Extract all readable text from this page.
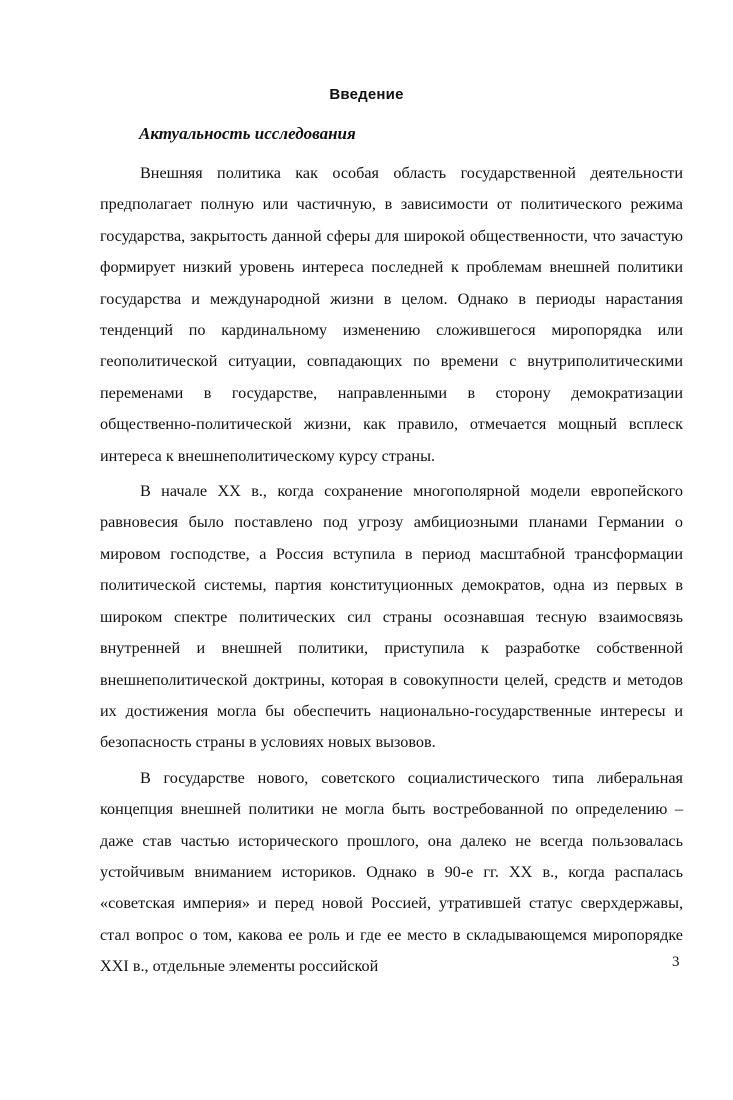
Введение
Актуальность исследования

Внешняя политика как особая область государственной деятельности предполагает полную или частичную, в зависимости от политического режима государства, закрытость данной сферы для широкой общественности, что зачастую формирует низкий уровень интереса последней к проблемам внешней политики государства и международной жизни в целом. Однако в периоды нарастания тенденций по кардинальному изменению сложившегося миропорядка или геополитической ситуации, совпадающих по времени с внутриполитическими переменами в государстве, направленными в сторону демократизации общественно-политической жизни, как правило, отмечается мощный всплеск интереса к внешнеполитическому курсу страны.

В начале XX в., когда сохранение многополярной модели европейского равновесия было поставлено под угрозу амбициозными планами Германии о мировом господстве, а Россия вступила в период масштабной трансформации политической системы, партия конституционных демократов, одна из первых в широком спектре политических сил страны осознавшая тесную взаимосвязь внутренней и внешней политики, приступила к разработке собственной внешнеполитической доктрины, которая в совокупности целей, средств и методов их достижения могла бы обеспечить национально-государственные интересы и безопасность страны в условиях новых вызовов.

В государстве нового, советского социалистического типа либеральная концепция внешней политики не могла быть востребованной по определению – даже став частью исторического прошлого, она далеко не всегда пользовалась устойчивым вниманием историков. Однако в 90-е гг. XX в., когда распалась «советская империя» и перед новой Россией, утратившей статус сверхдержавы, стал вопрос о том, какова ее роль и где ее место в складывающемся миропорядке XXI в., отдельные элементы российской	3
